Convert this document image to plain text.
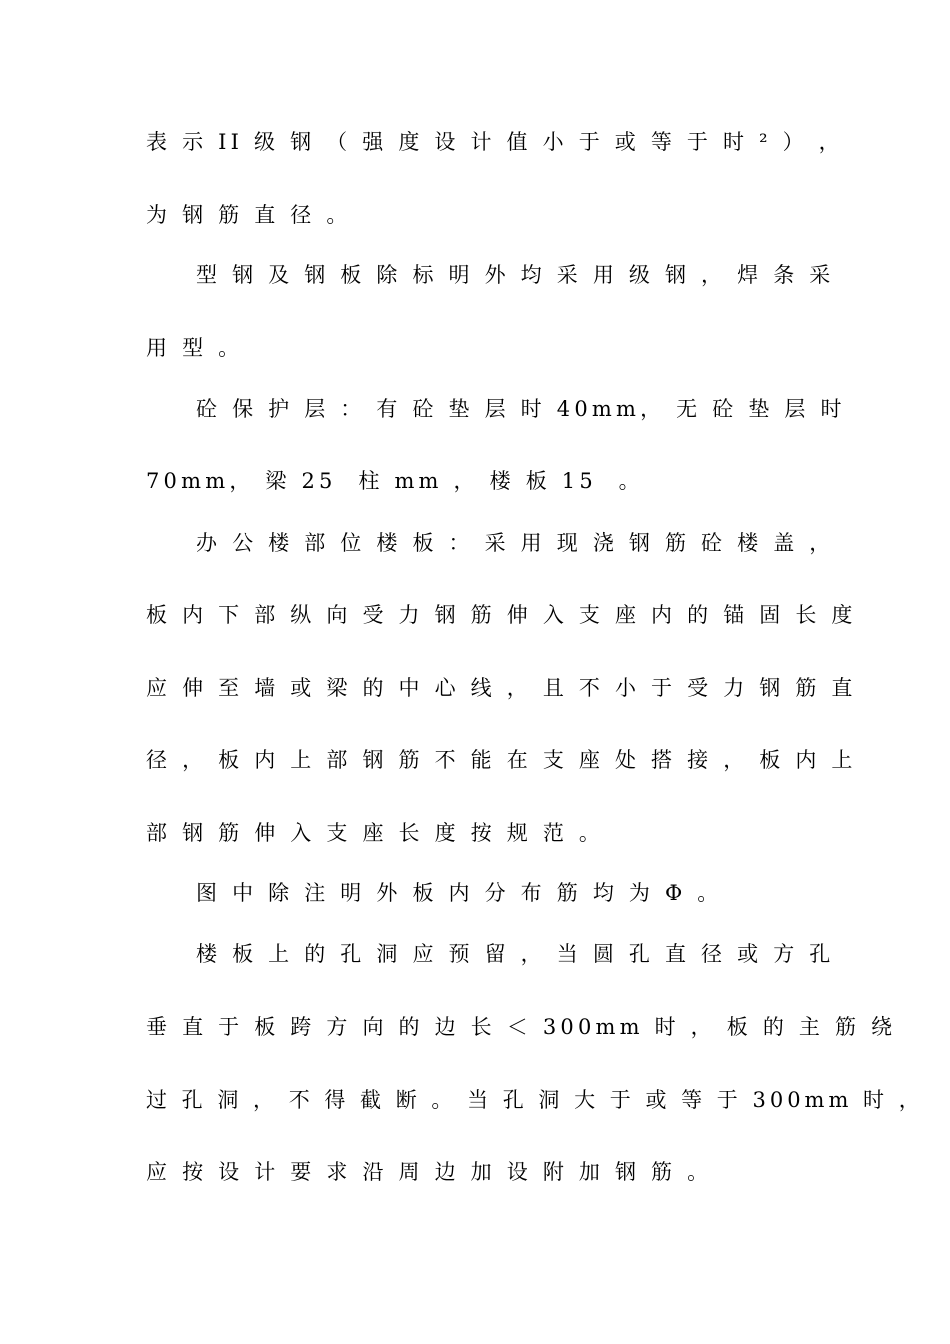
表 示 II 级 钢 （ 强 度 设 计 值 小 于 或 等 于 时 ² ） ，
为 钢 筋 直 径 。
型 钢 及 钢 板 除 标 明 外 均 采 用 级 钢 ， 焊 条 采
用 型 。
砼 保 护 层 ： 有 砼 垫 层 时 40mm， 无 砼 垫 层 时
70mm， 梁 25  柱 mm ， 楼 板 15  。
办 公 楼 部 位 楼 板 ： 采 用 现 浇 钢 筋 砼 楼 盖 ，
板 内 下 部 纵 向 受 力 钢 筋 伸 入 支 座 内 的 锚 固 长 度
应 伸 至 墙 或 梁 的 中 心 线 ， 且 不 小 于 受 力 钢 筋 直
径 ， 板 内 上 部 钢 筋 不 能 在 支 座 处 搭 接 ， 板 内 上
部 钢 筋 伸 入 支 座 长 度 按 规 范 。
图 中 除 注 明 外 板 内 分 布 筋 均 为 Φ 。
楼 板 上 的 孔 洞 应 预 留 ， 当 圆 孔 直 径 或 方 孔
垂 直 于 板 跨 方 向 的 边 长 ＜ 300mm 时 ， 板 的 主 筋 绕
过 孔 洞 ， 不 得 截 断 。 当 孔 洞 大 于 或 等 于 300mm 时 ，
应 按 设 计 要 求 沿 周 边 加 设 附 加 钢 筋 。
